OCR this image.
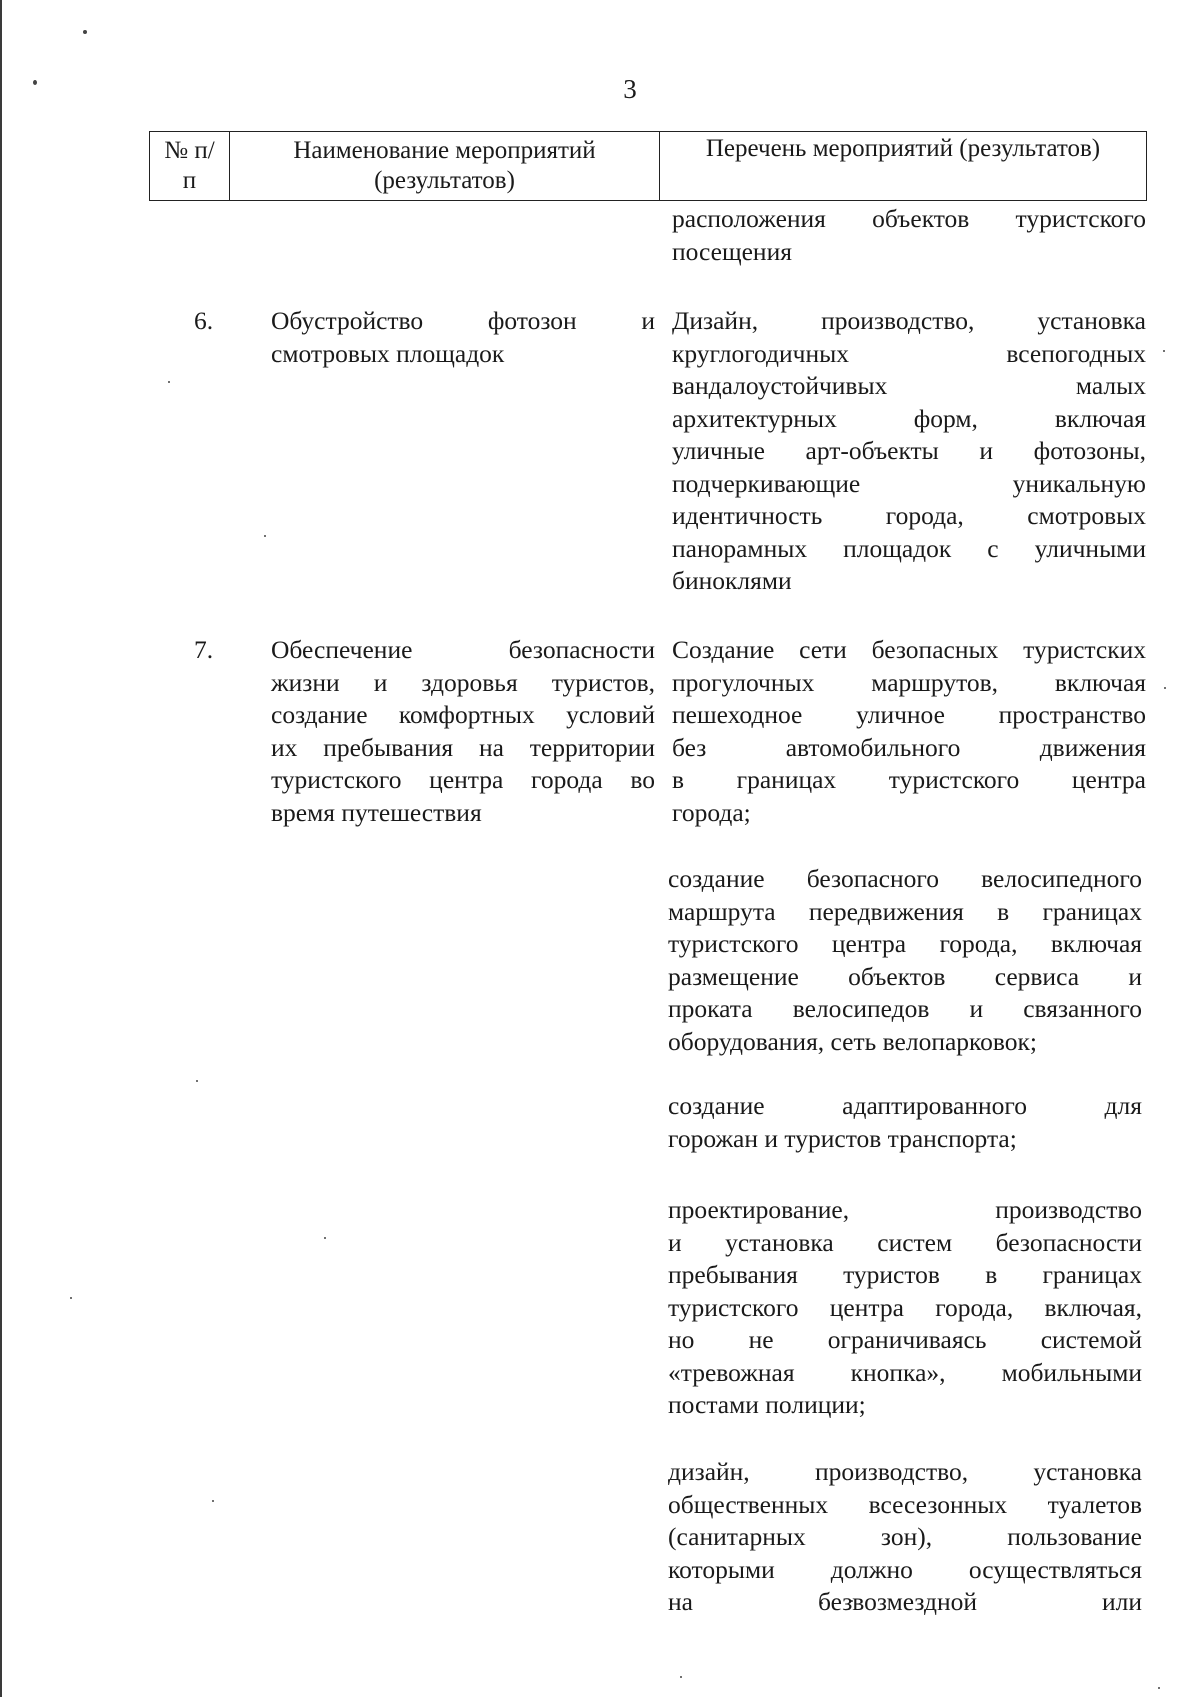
3
№ п/п
Наименование мероприятий (результатов)
Перечень мероприятий (результатов)
расположения объектов туристского
посещения
6. Обустройство фотозон и
смотровых площадок
Дизайн, производство, установка
круглогодичных всепогодных
вандалоустойчивых малых
архитектурных форм, включая
уличные арт-объекты и фотозоны,
подчеркивающие уникальную
идентичность города, смотровых
панорамных площадок с уличными
биноклями
7. Обеспечение безопасности
жизни и здоровья туристов,
создание комфортных условий
их пребывания на территории
туристского центра города во
время путешествия
Создание сети безопасных туристских
прогулочных маршрутов, включая
пешеходное уличное пространство
без автомобильного движения
в границах туристского центра
города;
создание безопасного велосипедного
маршрута передвижения в границах
туристского центра города, включая
размещение объектов сервиса и
проката велосипедов и связанного
оборудования, сеть велопарковок;
создание адаптированного для
горожан и туристов транспорта;
проектирование, производство
и установка систем безопасности
пребывания туристов в границах
туристского центра города, включая,
но не ограничиваясь системой
«тревожная кнопка», мобильными
постами полиции;
дизайн, производство, установка
общественных всесезонных туалетов
(санитарных зон), пользование
которыми должно осуществляться
на безвозмездной или
